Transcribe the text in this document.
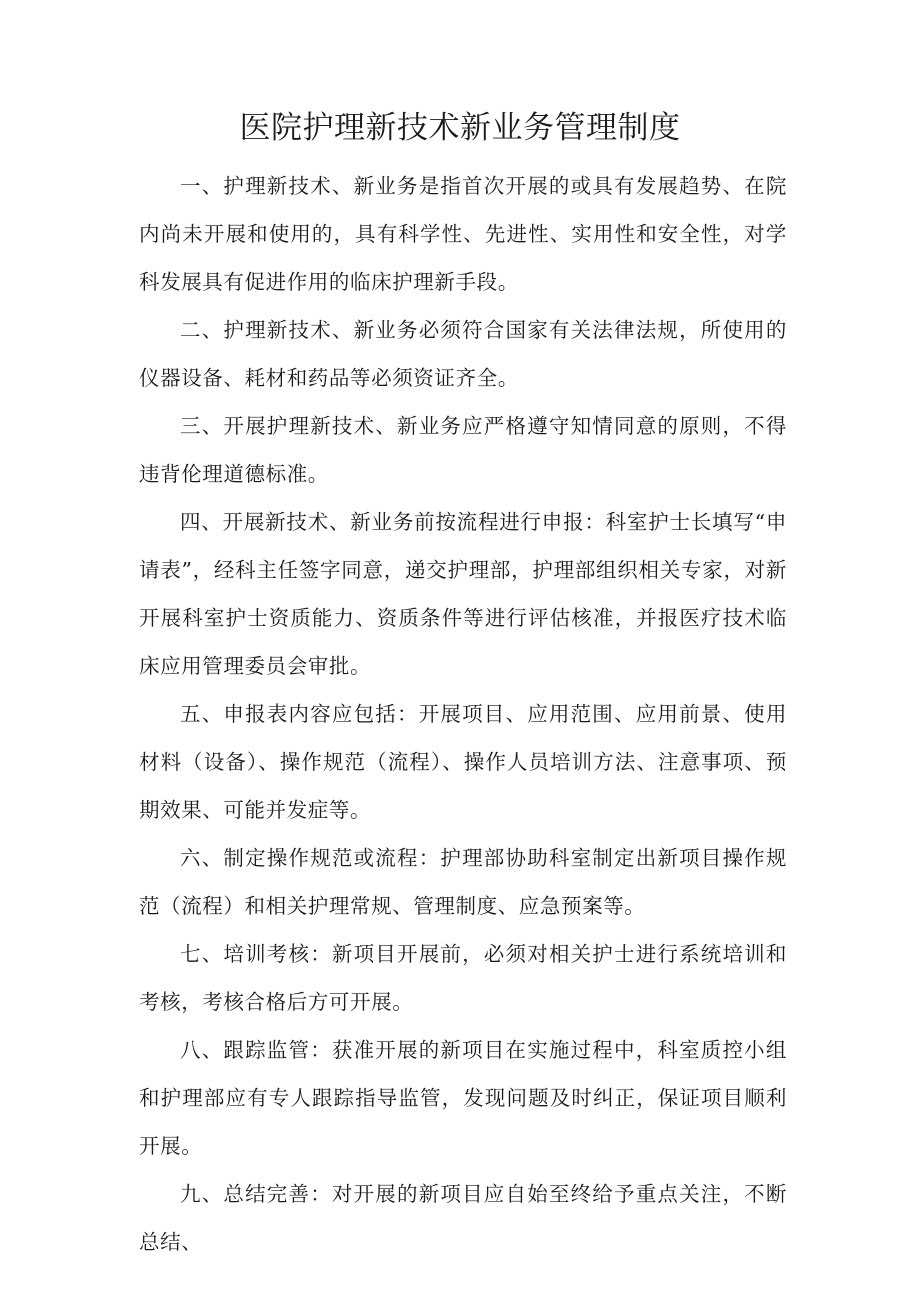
医院护理新技术新业务管理制度

一、护理新技术、新业务是指首次开展的或具有发展趋势、在院内尚未开展和使用的，具有科学性、先进性、实用性和安全性，对学科发展具有促进作用的临床护理新手段。

二、护理新技术、新业务必须符合国家有关法律法规，所使用的仪器设备、耗材和药品等必须资证齐全。

三、开展护理新技术、新业务应严格遵守知情同意的原则，不得违背伦理道德标准。

四、开展新技术、新业务前按流程进行申报：科室护士长填写“申请表”，经科主任签字同意，递交护理部，护理部组织相关专家，对新开展科室护士资质能力、资质条件等进行评估核准，并报医疗技术临床应用管理委员会审批。

五、申报表内容应包括：开展项目、应用范围、应用前景、使用材料（设备）、操作规范（流程）、操作人员培训方法、注意事项、预期效果、可能并发症等。

六、制定操作规范或流程：护理部协助科室制定出新项目操作规范（流程）和相关护理常规、管理制度、应急预案等。

七、培训考核：新项目开展前，必须对相关护士进行系统培训和考核，考核合格后方可开展。

八、跟踪监管：获准开展的新项目在实施过程中，科室质控小组和护理部应有专人跟踪指导监管，发现问题及时纠正，保证项目顺利开展。

九、总结完善：对开展的新项目应自始至终给予重点关注，不断总结、
